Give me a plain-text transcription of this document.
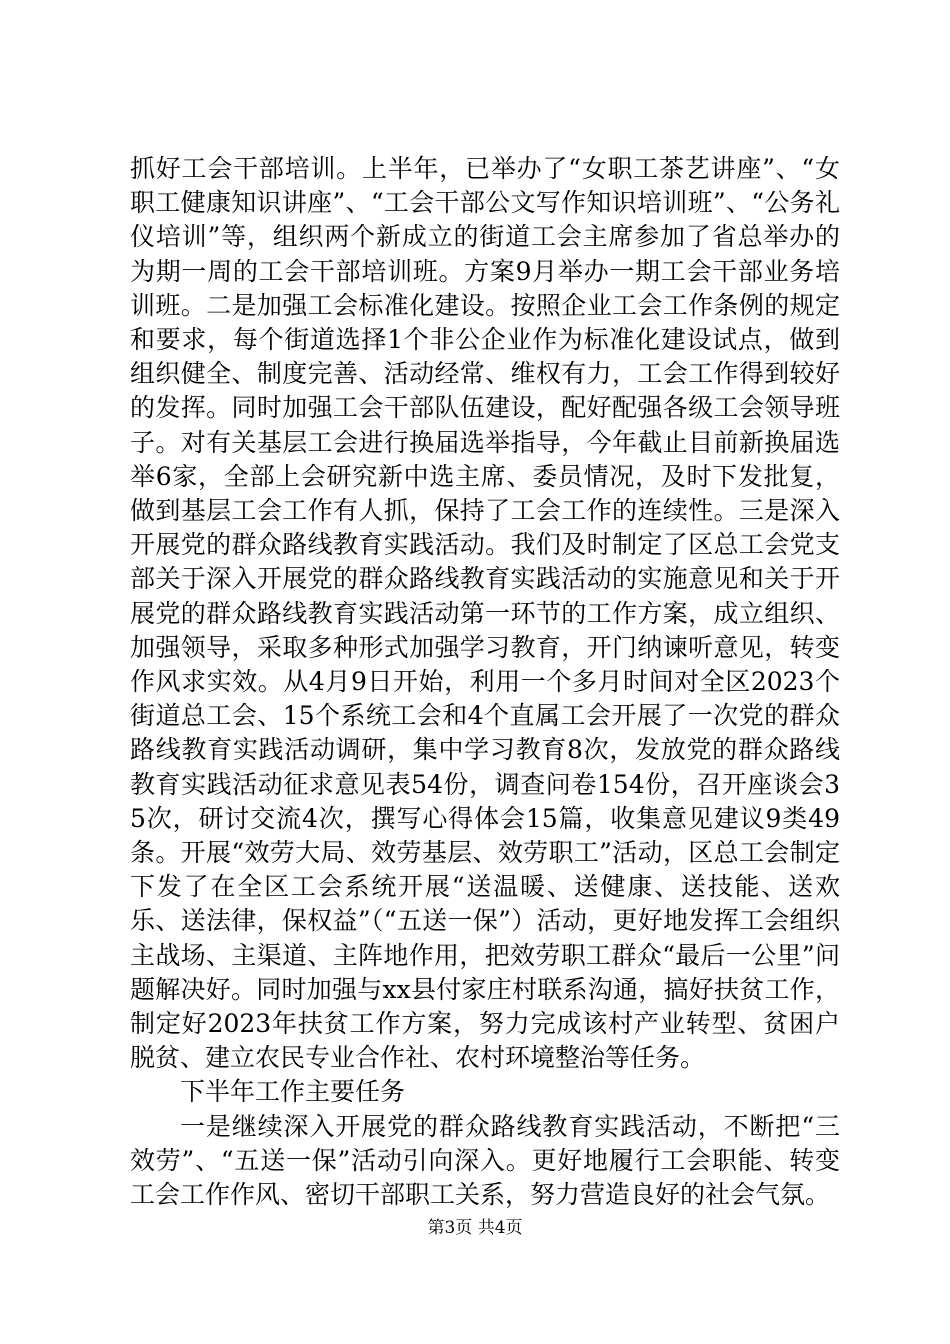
抓好工会干部培训。上半年，已举办了“女职工茶艺讲座”、“女职工健康知识讲座”、“工会干部公文写作知识培训班”、“公务礼仪培训”等，组织两个新成立的街道工会主席参加了省总举办的为期一周的工会干部培训班。方案9月举办一期工会干部业务培训班。二是加强工会标准化建设。按照企业工会工作条例的规定和要求，每个街道选择1个非公企业作为标准化建设试点，做到组织健全、制度完善、活动经常、维权有力，工会工作得到较好的发挥。同时加强工会干部队伍建设，配好配强各级工会领导班子。对有关基层工会进行换届选举指导，今年截止目前新换届选举6家，全部上会研究新中选主席、委员情况，及时下发批复，做到基层工会工作有人抓，保持了工会工作的连续性。三是深入开展党的群众路线教育实践活动。我们及时制定了区总工会党支部关于深入开展党的群众路线教育实践活动的实施意见和关于开展党的群众路线教育实践活动第一环节的工作方案，成立组织、加强领导，采取多种形式加强学习教育，开门纳谏听意见，转变作风求实效。从4月9日开始，利用一个多月时间对全区2023个街道总工会、15个系统工会和4个直属工会开展了一次党的群众路线教育实践活动调研，集中学习教育8次，发放党的群众路线教育实践活动征求意见表54份，调查问卷154份，召开座谈会35次，研讨交流4次，撰写心得体会15篇，收集意见建议9类49条。开展“效劳大局、效劳基层、效劳职工”活动，区总工会制定下发了在全区工会系统开展“送温暖、送健康、送技能、送欢乐、送法律，保权益”（“五送一保”）活动，更好地发挥工会组织主战场、主渠道、主阵地作用，把效劳职工群众“最后一公里”问题解决好。同时加强与xx县付家庄村联系沟通，搞好扶贫工作，制定好2023年扶贫工作方案，努力完成该村产业转型、贫困户脱贫、建立农民专业合作社、农村环境整治等任务。

下半年工作主要任务

一是继续深入开展党的群众路线教育实践活动，不断把“三效劳”、“五送一保”活动引向深入。更好地履行工会职能、转变工会工作作风、密切干部职工关系，努力营造良好的社会气氛。

第3页 共4页
